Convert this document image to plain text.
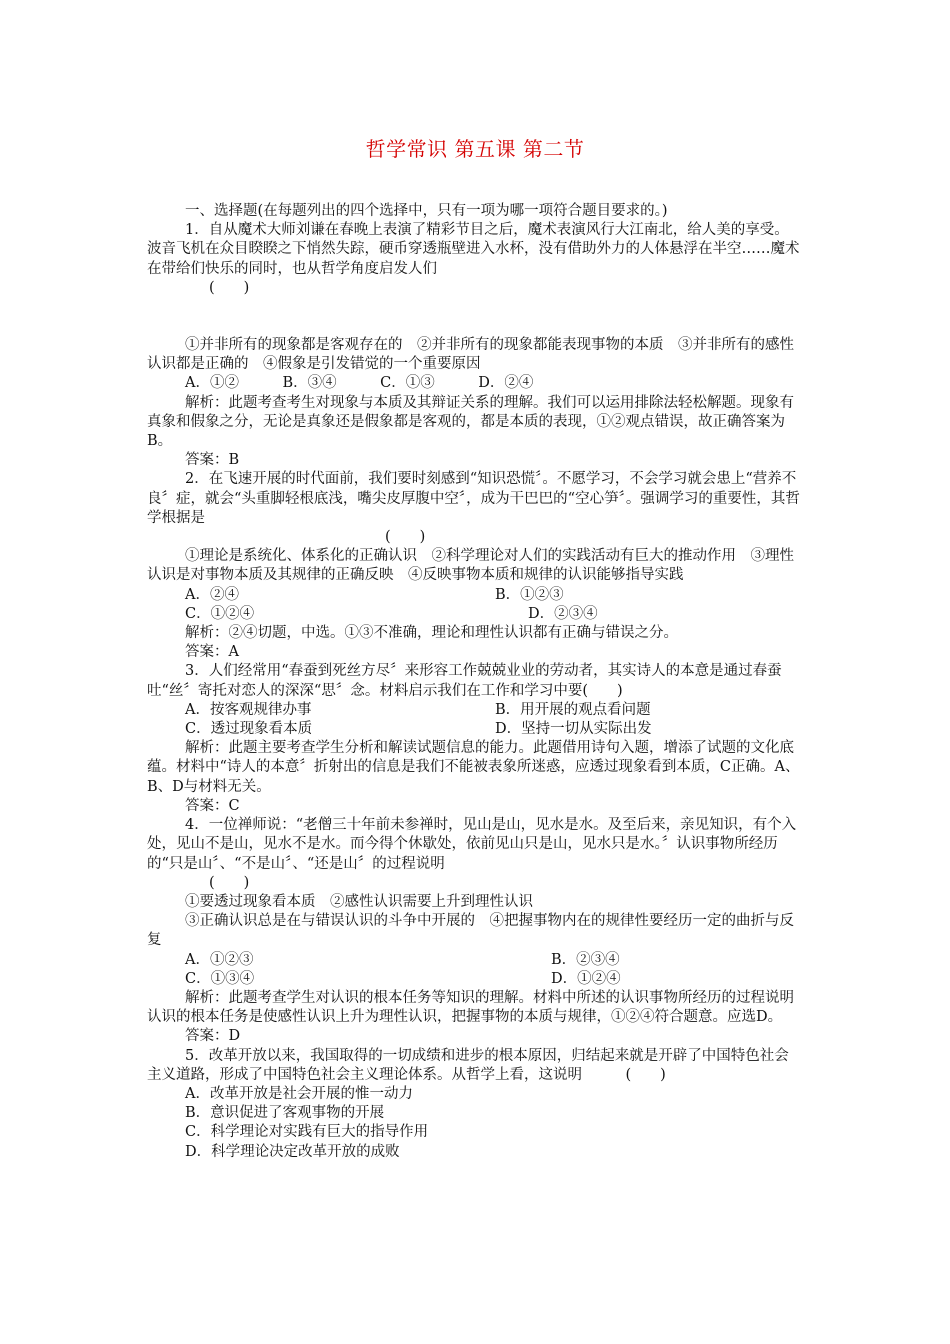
哲学常识 第五课 第二节

一、选择题(在每题列出的四个选择中，只有一项为哪一项符合题目要求的。)

1．自从魔术大师刘谦在春晚上表演了精彩节目之后，魔术表演风行大江南北，给人美的享受。波音飞机在众目睽睽之下悄然失踪，硬币穿透瓶壁进入水杯，没有借助外力的人体悬浮在半空……魔术在带给们快乐的同时，也从哲学角度启发人们

(　　)

①并非所有的现象都是客观存在的　②并非所有的现象都能表现事物的本质　③并非所有的感性认识都是正确的　④假象是引发错觉的一个重要原因

A．①②　　　B．③④　　　C．①③　　　D．②④

解析：此题考查考生对现象与本质及其辩证关系的理解。我们可以运用排除法轻松解题。现象有真象和假象之分，无论是真象还是假象都是客观的，都是本质的表现，①②观点错误，故正确答案为B。

答案：B

2．在飞速开展的时代面前，我们要时刻感到“知识恐慌〞。不愿学习，不会学习就会患上“营养不良〞症，就会“头重脚轻根底浅，嘴尖皮厚腹中空〞，成为干巴巴的“空心笋〞。强调学习的重要性，其哲学根据是

(　　)

①理论是系统化、体系化的正确认识　②科学理论对人们的实践活动有巨大的推动作用　③理性认识是对事物本质及其规律的正确反映　④反映事物本质和规律的认识能够指导实践

A．②④	B．①②③
C．①②④	D．②③④

解析：②④切题，中选。①③不准确，理论和理性认识都有正确与错误之分。

答案：A

3．人们经常用“春蚕到死丝方尽〞来形容工作兢兢业业的劳动者，其实诗人的本意是通过春蚕吐“丝〞寄托对恋人的深深“思〞念。材料启示我们在工作和学习中要(　　)

A．按客观规律办事	B．用开展的观点看问题
C．透过现象看本质	D．坚持一切从实际出发

解析：此题主要考查学生分析和解读试题信息的能力。此题借用诗句入题，增添了试题的文化底蕴。材料中“诗人的本意〞折射出的信息是我们不能被表象所迷惑，应透过现象看到本质，C正确。A、B、D与材料无关。

答案：C

4．一位禅师说：“老僧三十年前未参禅时，见山是山，见水是水。及至后来，亲见知识，有个入处，见山不是山，见水不是水。而今得个休歇处，依前见山只是山，见水只是水。〞认识事物所经历的“只是山〞、“不是山〞、“还是山〞的过程说明

(　　)

①要透过现象看本质　②感性认识需要上升到理性认识

③正确认识总是在与错误认识的斗争中开展的　④把握事物内在的规律性要经历一定的曲折与反复

A．①②③	B．②③④
C．①③④	D．①②④

解析：此题考查学生对认识的根本任务等知识的理解。材料中所述的认识事物所经历的过程说明认识的根本任务是使感性认识上升为理性认识，把握事物的本质与规律，①②④符合题意。应选D。

答案：D

5．改革开放以来，我国取得的一切成绩和进步的根本原因，归结起来就是开辟了中国特色社会主义道路，形成了中国特色社会主义理论体系。从哲学上看，这说明　　　(　　)

A．改革开放是社会开展的惟一动力

B．意识促进了客观事物的开展

C．科学理论对实践有巨大的指导作用

D．科学理论决定改革开放的成败
